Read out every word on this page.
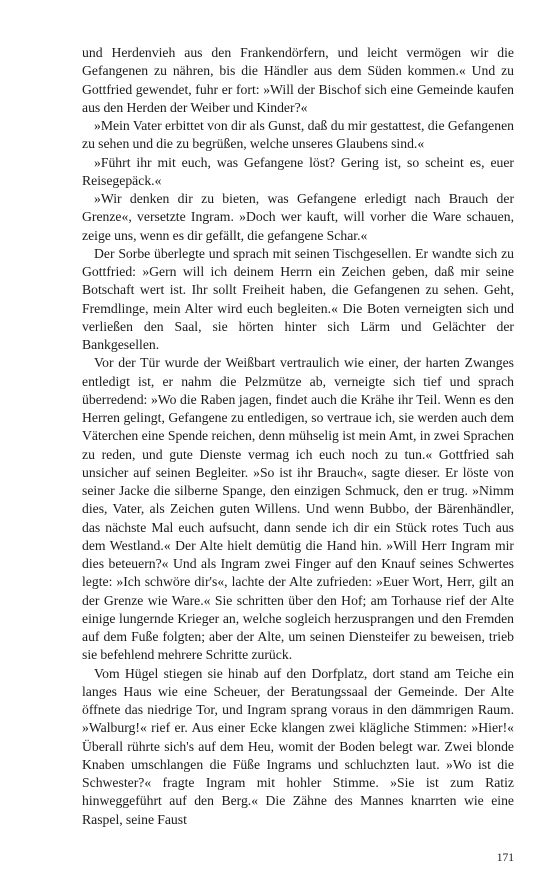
und Herdenvieh aus den Frankendörfern, und leicht vermögen wir die Gefangenen zu nähren, bis die Händler aus dem Süden kommen.« Und zu Gottfried gewendet, fuhr er fort: »Will der Bischof sich eine Gemeinde kaufen aus den Herden der Weiber und Kinder?«

»Mein Vater erbittet von dir als Gunst, daß du mir gestattest, die Gefangenen zu sehen und die zu begrüßen, welche unseres Glaubens sind.«

»Führt ihr mit euch, was Gefangene löst? Gering ist, so scheint es, euer Reisegepäck.«

»Wir denken dir zu bieten, was Gefangene erledigt nach Brauch der Grenze«, versetzte Ingram. »Doch wer kauft, will vorher die Ware schauen, zeige uns, wenn es dir gefällt, die gefangene Schar.«

Der Sorbe überlegte und sprach mit seinen Tischgesellen. Er wandte sich zu Gottfried: »Gern will ich deinem Herrn ein Zeichen geben, daß mir seine Botschaft wert ist. Ihr sollt Freiheit haben, die Gefangenen zu sehen. Geht, Fremdlinge, mein Alter wird euch begleiten.« Die Boten verneigten sich und verließen den Saal, sie hörten hinter sich Lärm und Gelächter der Bankgesellen.

Vor der Tür wurde der Weißbart vertraulich wie einer, der harten Zwanges entledigt ist, er nahm die Pelzmütze ab, verneigte sich tief und sprach überredend: »Wo die Raben jagen, findet auch die Krähe ihr Teil. Wenn es den Herren gelingt, Gefangene zu entledigen, so vertraue ich, sie werden auch dem Väterchen eine Spende reichen, denn mühselig ist mein Amt, in zwei Sprachen zu reden, und gute Dienste vermag ich euch noch zu tun.« Gottfried sah unsicher auf seinen Begleiter. »So ist ihr Brauch«, sagte dieser. Er löste von seiner Jacke die silberne Spange, den einzigen Schmuck, den er trug. »Nimm dies, Vater, als Zeichen guten Willens. Und wenn Bubbo, der Bärenhändler, das nächste Mal euch aufsucht, dann sende ich dir ein Stück rotes Tuch aus dem Westland.« Der Alte hielt demütig die Hand hin. »Will Herr Ingram mir dies beteuern?« Und als Ingram zwei Finger auf den Knauf seines Schwertes legte: »Ich schwöre dir's«, lachte der Alte zufrieden: »Euer Wort, Herr, gilt an der Grenze wie Ware.« Sie schritten über den Hof; am Torhause rief der Alte einige lungernde Krieger an, welche sogleich herzusprangen und den Fremden auf dem Fuße folgten; aber der Alte, um seinen Diensteifer zu beweisen, trieb sie befehlend mehrere Schritte zurück.

Vom Hügel stiegen sie hinab auf den Dorfplatz, dort stand am Teiche ein langes Haus wie eine Scheuer, der Beratungssaal der Gemeinde. Der Alte öffnete das niedrige Tor, und Ingram sprang voraus in den dämmrigen Raum. »Walburg!« rief er. Aus einer Ecke klangen zwei klägliche Stimmen: »Hier!« Überall rührte sich's auf dem Heu, womit der Boden belegt war. Zwei blonde Knaben umschlangen die Füße Ingrams und schluchzten laut. »Wo ist die Schwester?« fragte Ingram mit hohler Stimme. »Sie ist zum Ratiz hinweggeführt auf den Berg.« Die Zähne des Mannes knarrten wie eine Raspel, seine Faust

171
